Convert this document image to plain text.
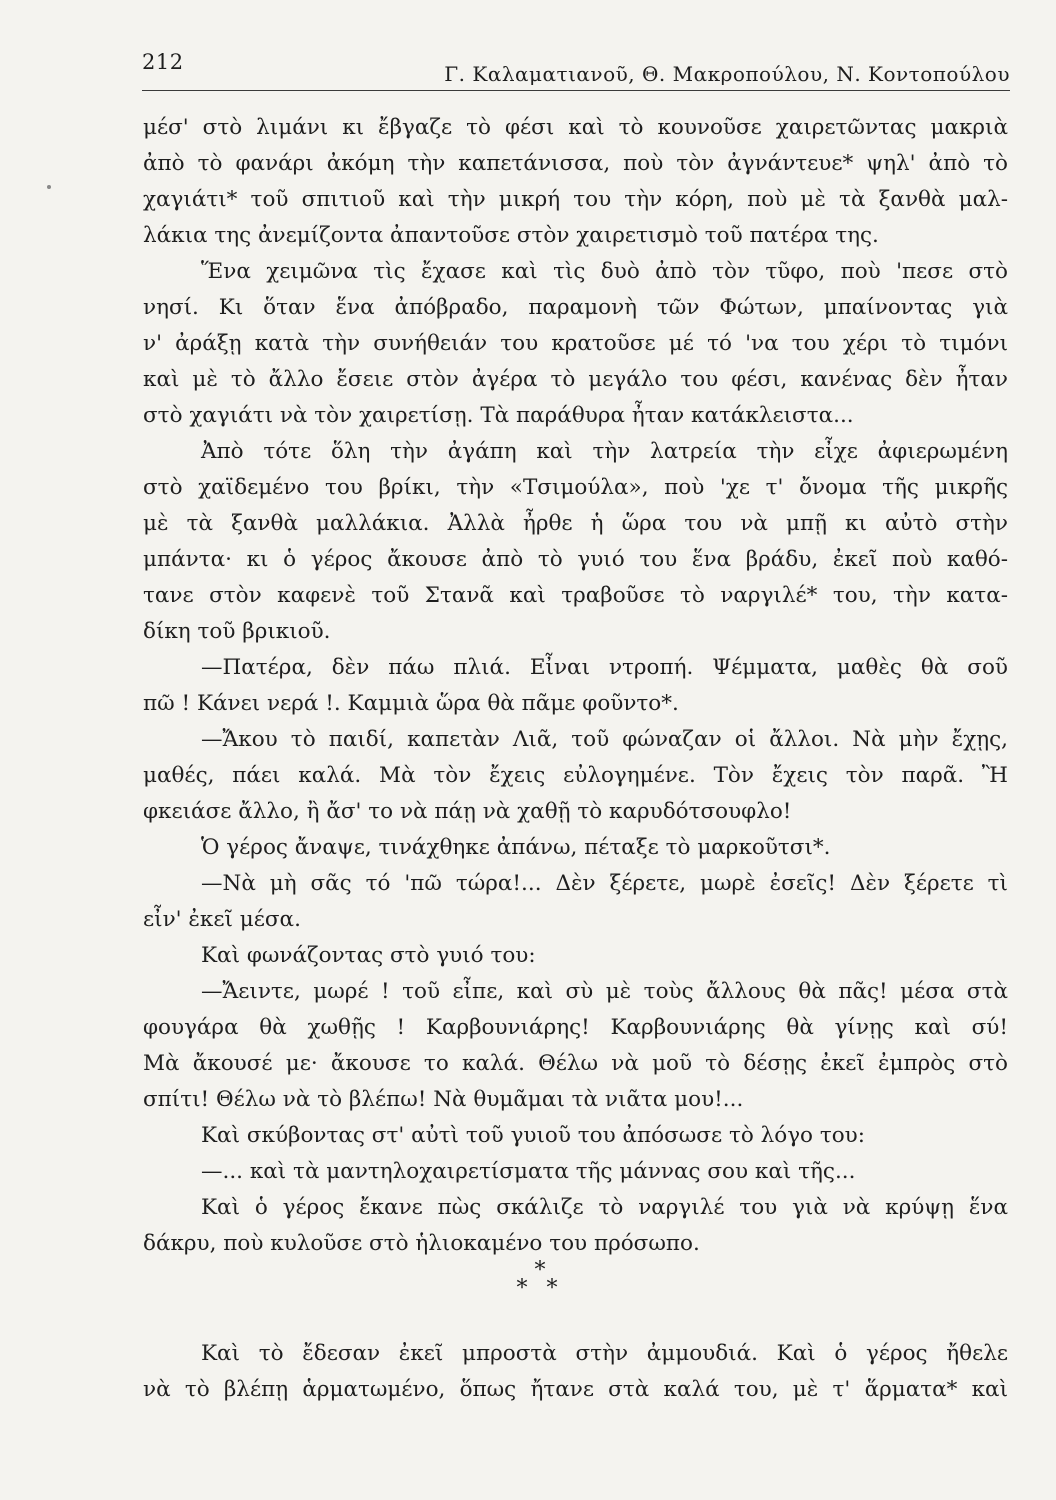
212	Γ. Καλαματιανοῦ, Θ. Μακροπούλου, Ν. Κοντοπούλου
μέσ' στὸ λιμάνι κι ἔβγαζε τὸ φέσι καὶ τὸ κουνοῦσε χαιρετῶντας μακριὰ
ἀπὸ τὸ φανάρι ἀκόμη τὴν καπετάνισσα, ποὺ τὸν ἀγνάντευε* ψηλ' ἀπὸ τὸ
χαγιάτι* τοῦ σπιτιοῦ καὶ τὴν μικρή του τὴν κόρη, ποὺ μὲ τὰ ξανθὰ μαλ-
λάκια της ἀνεμίζοντα ἀπαντοῦσε στὸν χαιρετισμὸ τοῦ πατέρα της.
Ἕνα χειμῶνα τὶς ἔχασε καὶ τὶς δυὸ ἀπὸ τὸν τῦφο, ποὺ 'πεσε στὸ
νησί. Κι ὅταν ἕνα ἀπόβραδο, παραμονὴ τῶν Φώτων, μπαίνοντας γιὰ
ν' ἀράξῃ κατὰ τὴν συνήθειάν του κρατοῦσε μέ τό 'να του χέρι τὸ τιμόνι
καὶ μὲ τὸ ἄλλο ἔσειε στὸν ἀγέρα τὸ μεγάλο του φέσι, κανένας δὲν ἦταν
στὸ χαγιάτι νὰ τὸν χαιρετίσῃ. Τὰ παράθυρα ἦταν κατάκλειστα...
Ἀπὸ τότε ὅλη τὴν ἀγάπη καὶ τὴν λατρεία τὴν εἶχε ἀφιερωμένη
στὸ χαϊδεμένο του βρίκι, τὴν «Τσιμούλα», ποὺ 'χε τ' ὄνομα τῆς μικρῆς
μὲ τὰ ξανθὰ μαλλάκια. Ἀλλὰ ἦρθε ἡ ὥρα του νὰ μπῇ κι αὐτὸ στὴν
μπάντα· κι ὁ γέρος ἄκουσε ἀπὸ τὸ γυιό του ἕνα βράδυ, ἐκεῖ ποὺ καθό-
τανε στὸν καφενὲ τοῦ Στανᾶ καὶ τραβοῦσε τὸ ναργιλέ* του, τὴν κατα-
δίκη τοῦ βρικιοῦ.
—Πατέρα, δὲν πάω πλιά. Εἶναι ντροπή. Ψέμματα, μαθὲς θὰ σοῦ
πῶ ! Κάνει νερά !. Καμμιὰ ὥρα θὰ πᾶμε φοῦντο*.
—Ἄκου τὸ παιδί, καπετὰν Λιᾶ, τοῦ φώναζαν οἱ ἄλλοι. Νὰ μὴν ἔχῃς,
μαθές, πάει καλά. Μὰ τὸν ἔχεις εὐλογημένε. Τὸν ἔχεις τὸν παρᾶ. Ἢ
φκειάσε ἄλλο, ἢ ἄσ' το νὰ πάῃ νὰ χαθῇ τὸ καρυδότσουφλο!
Ὁ γέρος ἄναψε, τινάχθηκε ἀπάνω, πέταξε τὸ μαρκοῦτσι*.
—Νὰ μὴ σᾶς τό 'πῶ τώρα!... Δὲν ξέρετε, μωρὲ ἐσεῖς! Δὲν ξέρετε τὶ
εἶν' ἐκεῖ μέσα.
Καὶ φωνάζοντας στὸ γυιό του:
—Ἄειντε, μωρέ ! τοῦ εἶπε, καὶ σὺ μὲ τοὺς ἄλλους θὰ πᾶς! μέσα στὰ
φουγάρα θὰ χωθῇς ! Καρβουνιάρης! Καρβουνιάρης θὰ γίνῃς καὶ σύ!
Μὰ ἄκουσέ με· ἄκουσε το καλά. Θέλω νὰ μοῦ τὸ δέσῃς ἐκεῖ ἐμπρὸς στὸ
σπίτι! Θέλω νὰ τὸ βλέπω! Νὰ θυμᾶμαι τὰ νιᾶτα μου!...
Καὶ σκύβοντας στ' αὐτὶ τοῦ γυιοῦ του ἀπόσωσε τὸ λόγο του:
—... καὶ τὰ μαντηλοχαιρετίσματα τῆς μάννας σου καὶ τῆς...
Καὶ ὁ γέρος ἔκανε πὼς σκάλιζε τὸ ναργιλέ του γιὰ νὰ κρύψῃ ἕνα
δάκρυ, ποὺ κυλοῦσε στὸ ἡλιοκαμένο του πρόσωπο.
*
* *
Καὶ τὸ ἔδεσαν ἐκεῖ μπροστὰ στὴν ἀμμουδιά. Καὶ ὁ γέρος ἤθελε
νὰ τὸ βλέπῃ ἁρματωμένο, ὅπως ἤτανε στὰ καλά του, μὲ τ' ἅρματα* καὶ
